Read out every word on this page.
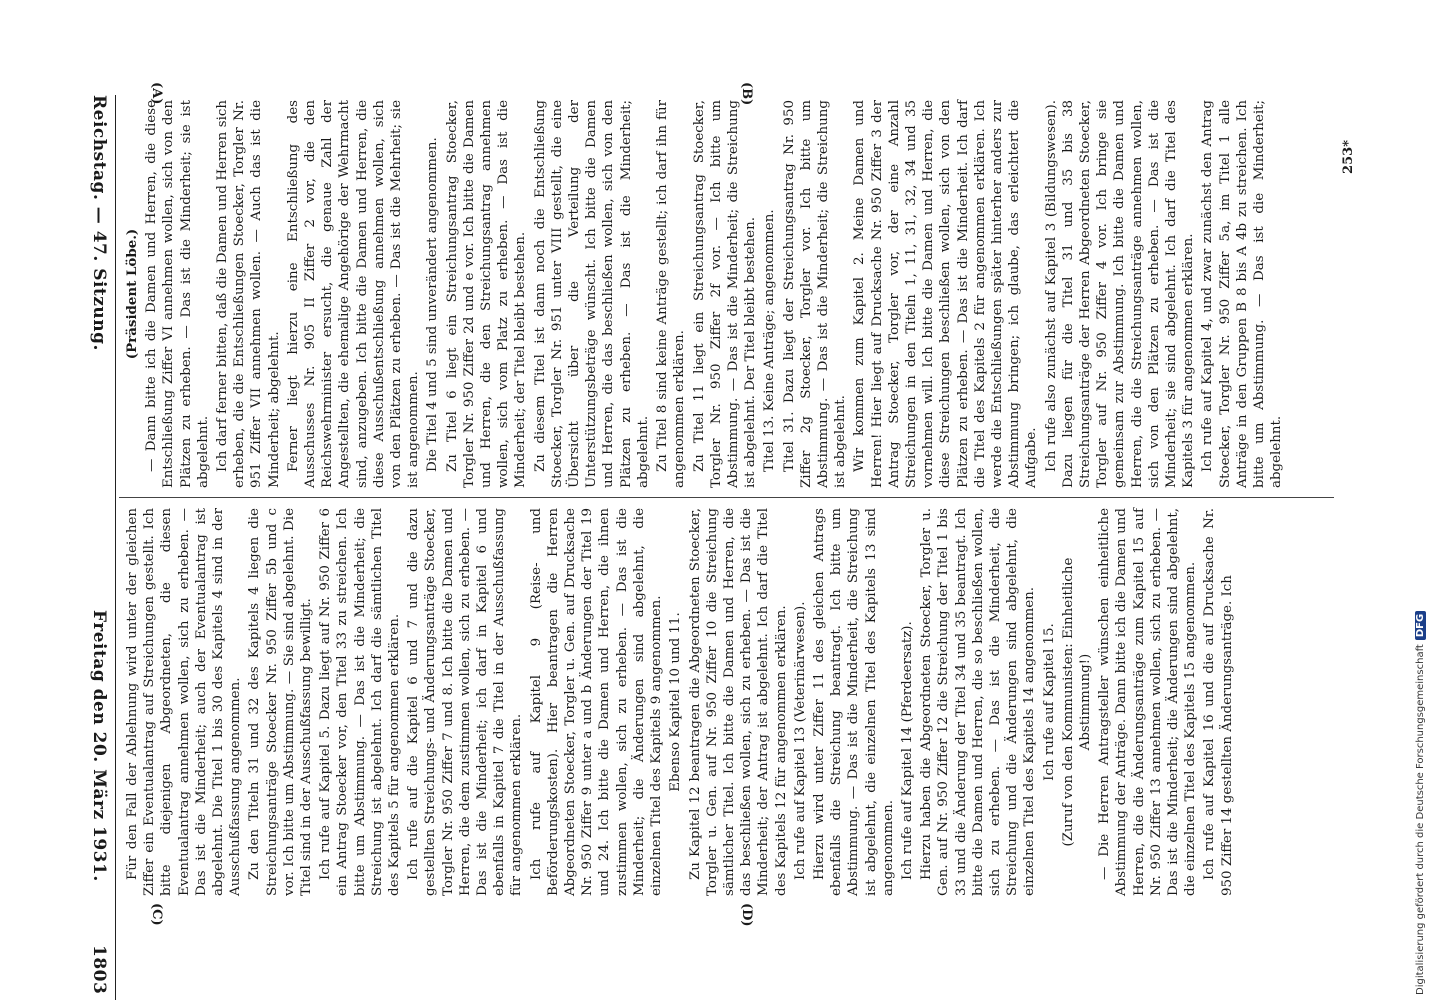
Reichstag. — 47. Sitzung.
Freitag den 20. März 1931.
1803
(A)	(B)
(C)	(D)

(Präsident Löbe.) — Dann bitte ich die Damen und Herren, die diese Entschließung Ziffer VI annehmen wollen, sich von den Plätzen zu erheben. — Das ist die Minderheit; sie ist abgelehnt. Ich darf ferner bitten, daß die Damen und Herren sich erheben, die die Entschließungen Stoecker, Torgler Nr. 951 Ziffer VII annehmen wollen. — Auch das ist die Minderheit; abgelehnt. Ferner liegt hierzu eine Entschließung des Ausschusses Nr. 905 II Ziffer 2 vor, die den Reichswehrminister ersucht, die genaue Zahl der Angestellten, die ehemalige Angehörige der Wehrmacht sind, anzugeben. Ich bitte die Damen und Herren, die diese Ausschußentschließung annehmen wollen, sich von den Plätzen zu erheben. — Das ist die Mehrheit; sie ist angenommen. Die Titel 4 und 5 sind unverändert angenommen. Zu Titel 6 liegt ein Streichungsantrag Stoecker, Torgler Nr. 950 Ziffer 2d und e vor. Ich bitte die Damen und Herren, die den Streichungsantrag annehmen wollen, sich vom Platz zu erheben. — Das ist die Minderheit; der Titel bleibt bestehen. Zu diesem Titel ist dann noch die Entschließung Stoecker, Torgler Nr. 951 unter VIII gestellt, die eine Übersicht über die Verteilung der Unterstützungsbeträge wünscht. Ich bitte die Damen und Herren, die das beschließen wollen, sich von den Plätzen zu erheben. — Das ist die Minderheit; abgelehnt. Zu Titel 8 sind keine Anträge gestellt; ich darf ihn für angenommen erklären. Zu Titel 11 liegt ein Streichungsantrag Stoecker, Torgler Nr. 950 Ziffer 2f vor. — Ich bitte um Abstimmung. — Das ist die Minderheit; die Streichung ist abgelehnt. Der Titel bleibt bestehen. Titel 13. Keine Anträge; angenommen. Titel 31. Dazu liegt der Streichungsantrag Nr. 950 Ziffer 2g Stoecker, Torgler vor. Ich bitte um Abstimmung. — Das ist die Minderheit; die Streichung ist abgelehnt. Wir kommen zum Kapitel 2. Meine Damen und Herren! Hier liegt auf Drucksache Nr. 950 Ziffer 3 der Antrag Stoecker, Torgler vor, der eine Anzahl Streichungen in den Titeln 1, 11, 31, 32, 34 und 35 vornehmen will. Ich bitte die Damen und Herren, die diese Streichungen beschließen wollen, sich von den Plätzen zu erheben. — Das ist die Minderheit. Ich darf die Titel des Kapitels 2 für angenommen erklären. Ich werde die Entschließungen später hinterher anders zur Abstimmung bringen; ich glaube, das erleichtert die Aufgabe. Ich rufe also zunächst auf Kapitel 3 (Bildungswesen). Dazu liegen für die Titel 31 und 35 bis 38 Streichungsanträge der Herren Abgeordneten Stoecker, Torgler auf Nr. 950 Ziffer 4 vor. Ich bringe sie gemeinsam zur Abstimmung. Ich bitte die Damen und Herren, die die Streichungsanträge annehmen wollen, sich von den Plätzen zu erheben. — Das ist die Minderheit; sie sind abgelehnt. Ich darf die Titel des Kapitels 3 für angenommen erklären. Ich rufe auf Kapitel 4, und zwar zunächst den Antrag Stoecker, Torgler Nr. 950 Ziffer 5a, im Titel 1 alle Anträge in den Gruppen B 8 bis A 4b zu streichen. Ich bitte um Abstimmung. — Das ist die Minderheit; abgelehnt.

Für den Fall der Ablehnung wird unter der gleichen Ziffer ein Eventualantrag auf Streichungen gestellt. Ich bitte diejenigen Abgeordneten, die diesen Eventualantrag annehmen wollen, sich zu erheben. — Das ist die Minderheit; auch der Eventualantrag ist abgelehnt. Die Titel 1 bis 30 des Kapitels 4 sind in der Ausschußfassung angenommen. Zu den Titeln 31 und 32 des Kapitels 4 liegen die Streichungsanträge Stoecker Nr. 950 Ziffer 5b und c vor. Ich bitte um Abstimmung. — Sie sind abgelehnt. Die Titel sind in der Ausschußfassung bewilligt. Ich rufe auf Kapitel 5. Dazu liegt auf Nr. 950 Ziffer 6 ein Antrag Stoecker vor, den Titel 33 zu streichen. Ich bitte um Abstimmung. — Das ist die Minderheit; die Streichung ist abgelehnt. Ich darf die sämtlichen Titel des Kapitels 5 für angenommen erklären. Ich rufe auf die Kapitel 6 und 7 und die dazu gestellten Streichungs- und Änderungsanträge Stoecker, Torgler Nr. 950 Ziffer 7 und 8. Ich bitte die Damen und Herren, die dem zustimmen wollen, sich zu erheben. — Das ist die Minderheit; ich darf in Kapitel 6 und ebenfalls in Kapitel 7 die Titel in der Ausschußfassung für angenommen erklären. Ich rufe auf Kapitel 9 (Reise- und Beförderungskosten). Hier beantragen die Herren Abgeordneten Stoecker, Torgler u. Gen. auf Drucksache Nr. 950 Ziffer 9 unter a und b Änderungen der Titel 19 und 24. Ich bitte die Damen und Herren, die ihnen zustimmen wollen, sich zu erheben. — Das ist die Minderheit; die Änderungen sind abgelehnt, die einzelnen Titel des Kapitels 9 angenommen. Ebenso Kapitel 10 und 11. Zu Kapitel 12 beantragen die Abgeordneten Stoecker, Torgler u. Gen. auf Nr. 950 Ziffer 10 die Streichung sämtlicher Titel. Ich bitte die Damen und Herren, die das beschließen wollen, sich zu erheben. — Das ist die Minderheit; der Antrag ist abgelehnt. Ich darf die Titel des Kapitels 12 für angenommen erklären. Ich rufe auf Kapitel 13 (Veterinärwesen). Hierzu wird unter Ziffer 11 des gleichen Antrags ebenfalls die Streichung beantragt. Ich bitte um Abstimmung. — Das ist die Minderheit, die Streichung ist abgelehnt, die einzelnen Titel des Kapitels 13 sind angenommen. Ich rufe auf Kapitel 14 (Pferdeersatz). Hierzu haben die Abgeordneten Stoecker, Torgler u. Gen. auf Nr. 950 Ziffer 12 die Streichung der Titel 1 bis 33 und die Änderung der Titel 34 und 35 beantragt. Ich bitte die Damen und Herren, die so beschließen wollen, sich zu erheben. — Das ist die Minderheit, die Streichung und die Änderungen sind abgelehnt, die einzelnen Titel des Kapitels 14 angenommen. Ich rufe auf Kapitel 15. (Zuruf von den Kommunisten: Einheitliche Abstimmung!) — Die Herren Antragsteller wünschen einheitliche Abstimmung der Anträge. Dann bitte ich die Damen und Herren, die die Änderungsanträge zum Kapitel 15 auf Nr. 950 Ziffer 13 annehmen wollen, sich zu erheben. — Das ist die Minderheit; die Änderungen sind abgelehnt, die einzelnen Titel des Kapitels 15 angenommen. Ich rufe auf Kapitel 16 und die auf Drucksache Nr. 950 Ziffer 14 gestellten Änderungsanträge. Ich

253*
Digitalisierung gefördert durch die Deutsche ForschungsgemeinschaftDFG
